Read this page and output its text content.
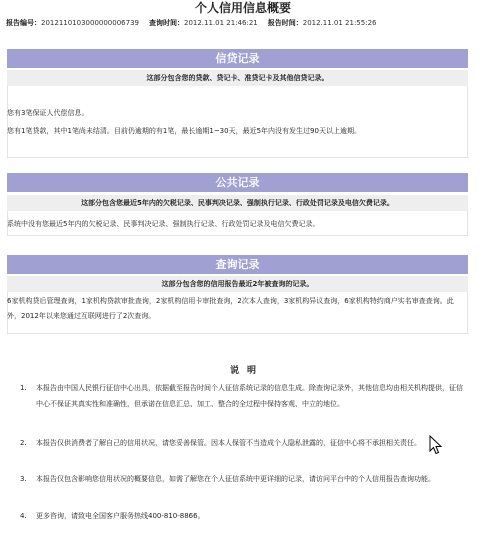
个人信用信息概要
报告编号：2012110103000000006739 查询时间：2012.11.01 21:46:21 报告时间：2012.11.01 21:55:26
信贷记录
这部分包含您的贷款、贷记卡、准贷记卡及其他信贷记录。
您有3笔保证人代偿信息。
您有1笔贷款，其中1笔尚未结清。目前仍逾期的有1笔，最长逾期1~30天，最近5年内没有发生过90天以上逾期。
公共记录
这部分包含您最近5年内的欠税记录、民事判决记录、强制执行记录、行政处罚记录及电信欠费记录。
系统中没有您最近5年内的欠税记录、民事判决记录、强制执行记录、行政处罚记录及电信欠费记录。
查询记录
这部分包含您的信用报告最近2年被查询的记录。
6家机构贷后管理查询，1家机构贷款审批查询，2家机构信用卡审批查询，2次本人查询，3家机构异议查询，6家机构特约商户实名审查查询。此外，2012年以来您通过互联网进行了2次查询。
说明
1.	本报告由中国人民银行征信中心出具，依据截至报告时间个人征信系统记录的信息生成。除查询记录外，其他信息均由相关机构提供，征信中心不保证其真实性和准确性，但承诺在信息汇总、加工、整合的全过程中保持客观、中立的地位。
2.	本报告仅供消费者了解自己的信用状况，请您妥善保管。因本人保管不当造成个人隐私泄露的，征信中心将不承担相关责任。
3.	本报告仅包含影响您信用状况的概要信息，如需了解您在个人征信系统中更详细的记录，请访问平台中的个人信用报告查询功能。
4.	更多咨询，请致电全国客户服务热线400-810-8866。
